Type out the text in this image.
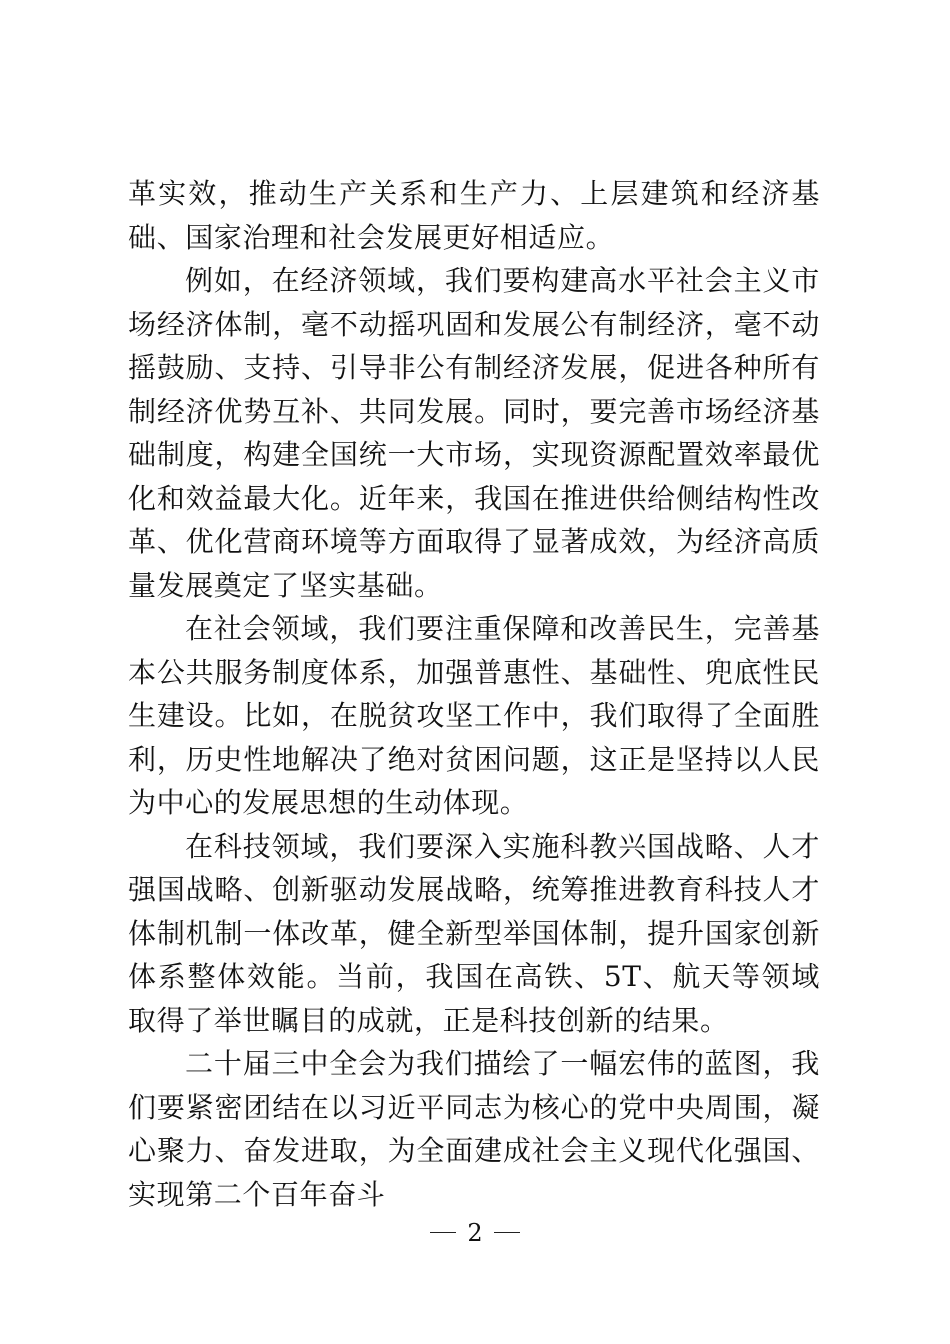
革实效，推动生产关系和生产力、上层建筑和经济基础、国家治理和社会发展更好相适应。

例如，在经济领域，我们要构建高水平社会主义市场经济体制，毫不动摇巩固和发展公有制经济，毫不动摇鼓励、支持、引导非公有制经济发展，促进各种所有制经济优势互补、共同发展。同时，要完善市场经济基础制度，构建全国统一大市场，实现资源配置效率最优化和效益最大化。近年来，我国在推进供给侧结构性改革、优化营商环境等方面取得了显著成效，为经济高质量发展奠定了坚实基础。

在社会领域，我们要注重保障和改善民生，完善基本公共服务制度体系，加强普惠性、基础性、兜底性民生建设。比如，在脱贫攻坚工作中，我们取得了全面胜利，历史性地解决了绝对贫困问题，这正是坚持以人民为中心的发展思想的生动体现。

在科技领域，我们要深入实施科教兴国战略、人才强国战略、创新驱动发展战略，统筹推进教育科技人才体制机制一体改革，健全新型举国体制，提升国家创新体系整体效能。当前，我国在高铁、5T、航天等领域取得了举世瞩目的成就，正是科技创新的结果。

二十届三中全会为我们描绘了一幅宏伟的蓝图，我们要紧密团结在以习近平同志为核心的党中央周围，凝心聚力、奋发进取，为全面建成社会主义现代化强国、实现第二个百年奋斗

2
